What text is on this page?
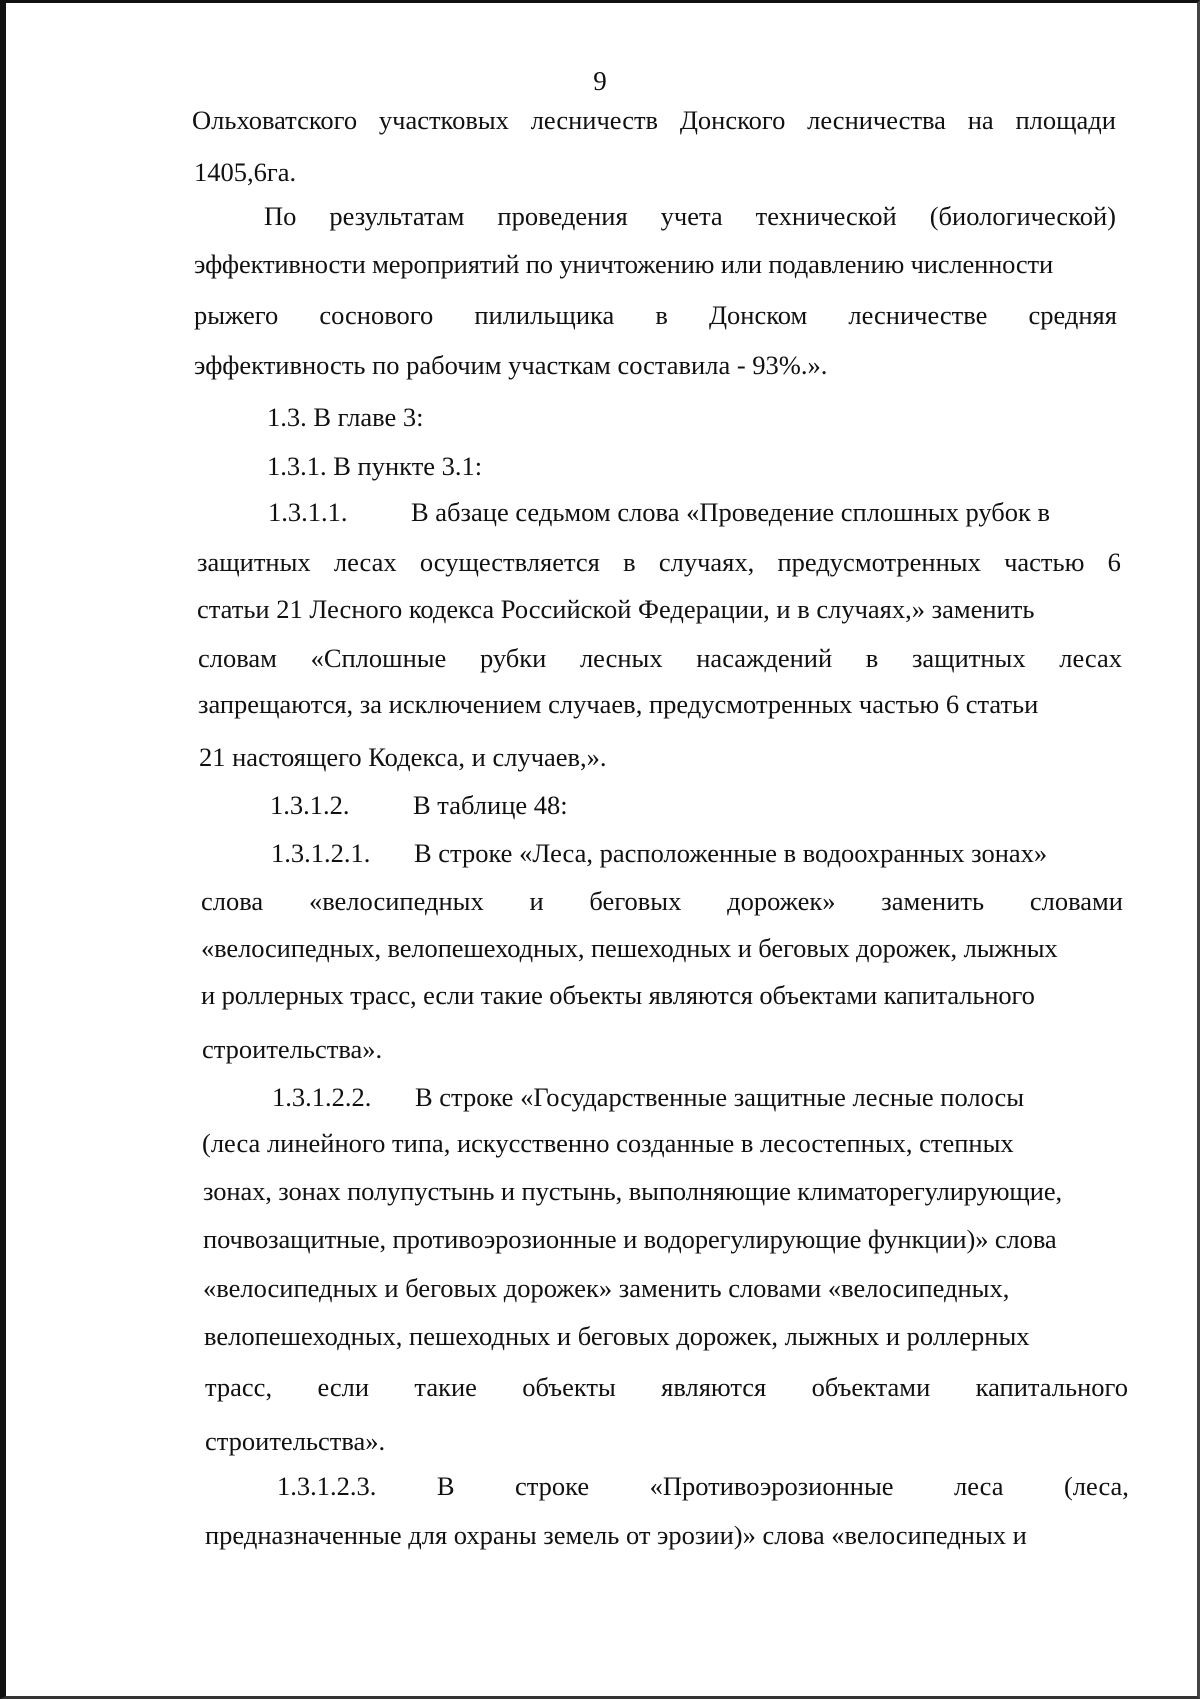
9
Ольховатского участковых лесничеств Донского лесничества на площади
1405,6га.
По результатам проведения учета технической (биологической)
эффективности мероприятий по уничтожению или подавлению численности
рыжего соснового пилильщика в Донском лесничестве средняя
эффективность по рабочим участкам составила - 93%.».
1.3. В главе 3:
1.3.1. В пункте 3.1:
1.3.1.1. В абзаце седьмом слова «Проведение сплошных рубок в
защитных лесах осуществляется в случаях, предусмотренных частью 6
статьи 21 Лесного кодекса Российской Федерации, и в случаях,» заменить
словам «Сплошные рубки лесных насаждений в защитных лесах
запрещаются, за исключением случаев, предусмотренных частью 6 статьи
21 настоящего Кодекса, и случаев,».
1.3.1.2. В таблице 48:
1.3.1.2.1. В строке «Леса, расположенные в водоохранных зонах»
слова «велосипедных и беговых дорожек» заменить словами
«велосипедных, велопешеходных, пешеходных и беговых дорожек, лыжных
и роллерных трасс, если такие объекты являются объектами капитального
строительства».
1.3.1.2.2. В строке «Государственные защитные лесные полосы
(леса линейного типа, искусственно созданные в лесостепных, степных
зонах, зонах полупустынь и пустынь, выполняющие климаторегулирующие,
почвозащитные, противоэрозионные и водорегулирующие функции)» слова
«велосипедных и беговых дорожек» заменить словами «велосипедных,
велопешеходных, пешеходных и беговых дорожек, лыжных и роллерных
трасс, если такие объекты являются объектами капитального
строительства».
1.3.1.2.3. В строке «Противоэрозионные леса (леса,
предназначенные для охраны земель от эрозии)» слова «велосипедных и
